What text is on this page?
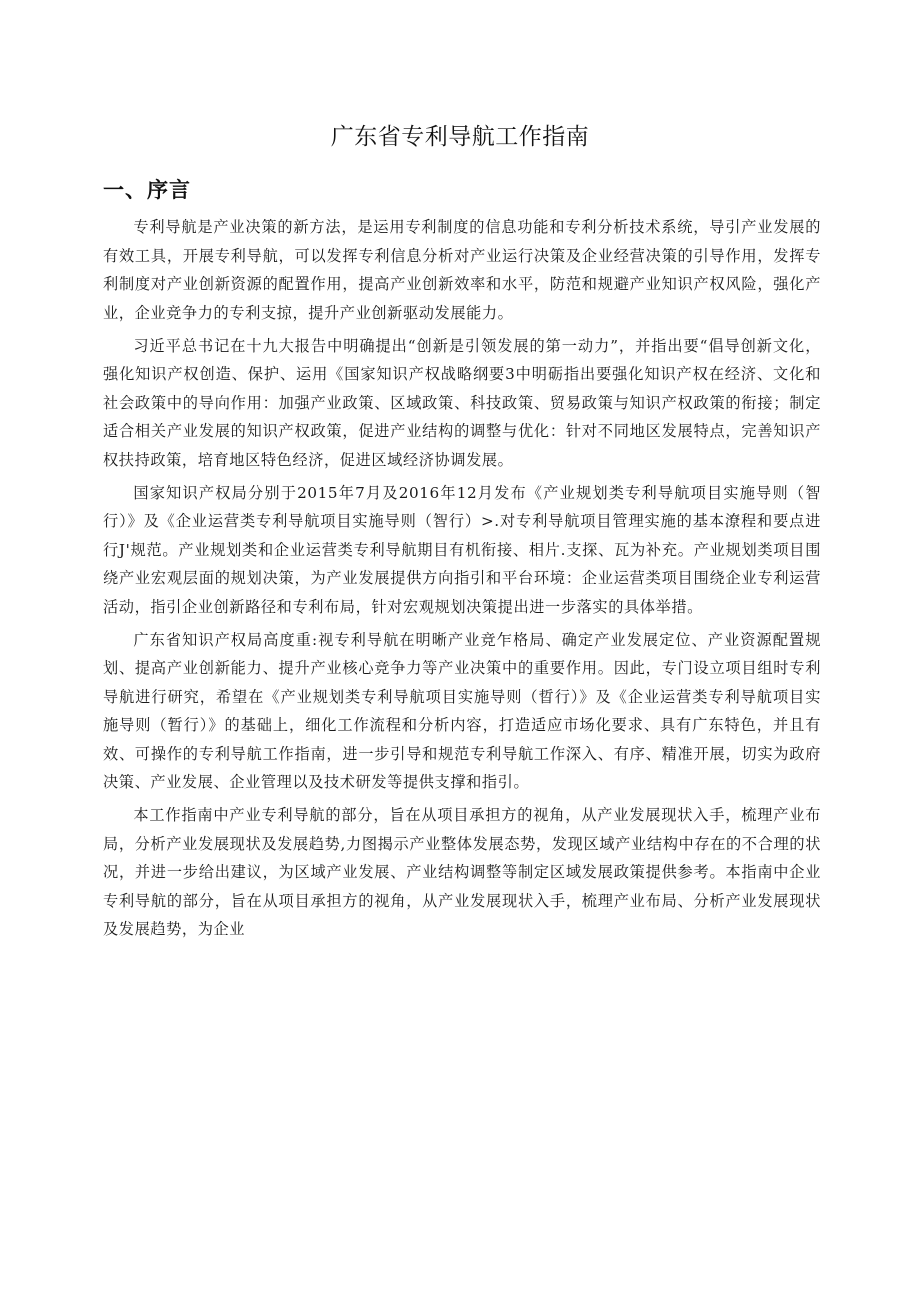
广东省专利导航工作指南
一、序言

专利导航是产业决策的新方法，是运用专利制度的信息功能和专利分析技术系统，导引产业发展的有效工具，开展专利导航，可以发挥专利信息分析对产业运行决策及企业经营决策的引导作用，发挥专利制度对产业创新资源的配置作用，提高产业创新效率和水平，防范和规避产业知识产权风险，强化产业，企业竞争力的专利支掠，提升产业创新驱动发展能力。

习近平总书记在十九大报告中明确提出“创新是引领发展的第一动力”，并指出要“倡导创新文化，强化知识产权创造、保护、运用《国家知识产权战略纲要3中明砺指出要强化知识产权在经济、文化和社会政策中的导向作用：加强产业政策、区域政策、科技政策、贸易政策与知识产权政策的衔接；制定适合相关产业发展的知识产权政策，促进产业结构的调整与优化：针对不同地区发展特点，完善知识产权扶持政策，培育地区特色经济，促进区域经济协调发展。

国家知识产权局分别于2015年7月及2016年12月发布《产业规划类专利导航项目实施导则（智行）》及《企业运营类专利导航项目实施导则（智行）>.对专利导航项目管理实施的基本潦程和要点进行J'规范。产业规划类和企业运营类专利导航期目有机衔接、相片.支探、瓦为补充。产业规划类项目围绕产业宏观层面的规划决策，为产业发展提供方向指引和平台环境：企业运营类项目围绕企业专利运营活动，指引企业创新路径和专利布局，针对宏观规划决策提出进一步落实的具体举措。

广东省知识产权局高度重:视专利导航在明晰产业竞乍格局、确定产业发展定位、产业资源配置规划、提高产业创新能力、提升产业核心竞争力等产业决策中的重要作用。因此，专门设立项目组时专利导航进行研究，希望在《产业规划类专利导航项目实施导则（晢行）》及《企业运营类专利导航项目实施导则（暂行）》的基础上，细化工作流程和分析内容，打造适应市场化要求、具有广东特色，并且有效、可操作的专利导航工作指南，进一步引导和规范专利导航工作深入、有序、精准开展，切实为政府决策、产业发展、企业管理以及技术研发等提供支撑和指引。

本工作指南中产业专利导航的部分，旨在从项目承担方的视角，从产业发展现状入手，梳理产业布局，分析产业发展现状及发展趋势,力图揭示产业整体发展态势，发现区域产业结构中存在的不合理的状况，并进一步给出建议，为区域产业发展、产业结构调整等制定区域发展政策提供参考。本指南中企业专利导航的部分，旨在从项目承担方的视角，从产业发展现状入手，梳理产业布局、分析产业发展现状及发展趋势，为企业
